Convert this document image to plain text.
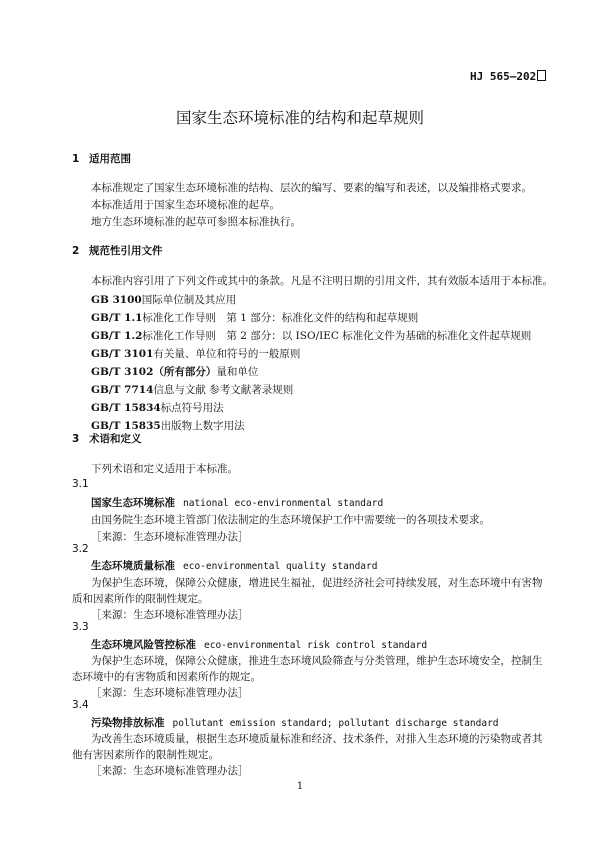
HJ 565—202
国家生态环境标准的结构和起草规则
1 适用范围
本标准规定了国家生态环境标准的结构、层次的编写、要素的编写和表述，以及编排格式要求。
本标准适用于国家生态环境标准的起草。
地方生态环境标准的起草可参照本标准执行。
2 规范性引用文件
本标准内容引用了下列文件或其中的条款。凡是不注明日期的引用文件，其有效版本适用于本标准。
GB 3100国际单位制及其应用
GB/T 1.1标准化工作导则　第 1 部分：标准化文件的结构和起草规则
GB/T 1.2标准化工作导则　第 2 部分：以 ISO/IEC 标准化文件为基础的标准化文件起草规则
GB/T 3101有关量、单位和符号的一般原则
GB/T 3102（所有部分）量和单位
GB/T 7714信息与文献 参考文献著录规则
GB/T 15834标点符号用法
GB/T 15835出版物上数字用法
3 术语和定义
下列术语和定义适用于本标准。
3.1
国家生态环境标准 national eco-environmental standard
由国务院生态环境主管部门依法制定的生态环境保护工作中需要统一的各项技术要求。
［来源：生态环境标准管理办法］
3.2
生态环境质量标准 eco-environmental quality standard
为保护生态环境，保障公众健康，增进民生福祉，促进经济社会可持续发展，对生态环境中有害物
质和因素所作的限制性规定。
［来源：生态环境标准管理办法］
3.3
生态环境风险管控标准 eco-environmental risk control standard
为保护生态环境，保障公众健康，推进生态环境风险筛查与分类管理，维护生态环境安全，控制生
态环境中的有害物质和因素所作的规定。
［来源：生态环境标准管理办法］
3.4
污染物排放标准 pollutant emission standard; pollutant discharge standard
为改善生态环境质量，根据生态环境质量标准和经济、技术条件，对排入生态环境的污染物或者其
他有害因素所作的限制性规定。
［来源：生态环境标准管理办法］
1
